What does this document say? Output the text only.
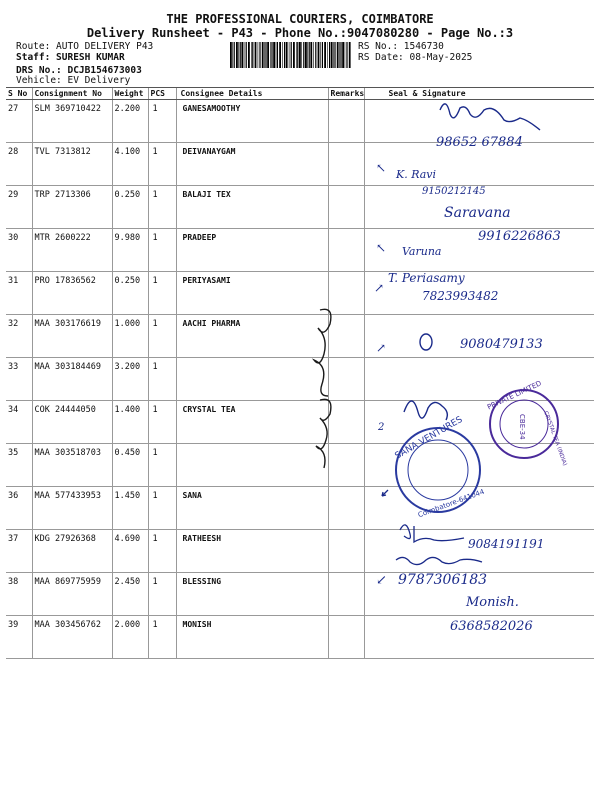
THE PROFESSIONAL COURIERS, COIMBATORE
Delivery Runsheet - P43 - Phone No.:9047080280 - Page No.:3
Route: AUTO DELIVERY P43
Staff: SURESH KUMAR
DRS No.: DCJB154673003
Vehicle: EV Delivery
RS No.: 1546730
RS Date: 08-May-2025
S No	Consignment No	Weight	PCS	Consignee Details	Remarks	Seal & Signature
27	SLM 369710422	2.200	1	GANESAMOOTHY		
28	TVL 7313812	4.100	1	DEIVANAYGAM		
29	TRP 2713306	0.250	1	BALAJI TEX		
30	MTR 2600222	9.980	1	PRADEEP		
31	PRO 17836562	0.250	1	PERIYASAMI		
32	MAA 303176619	1.000	1	AACHI PHARMA		
33	MAA 303184469	3.200	1			
34	COK 24444050	1.400	1	CRYSTAL TEA		
35	MAA 303518703	0.450	1			
36	MAA 577433953	1.450	1	SANA		
37	KDG 27926368	4.690	1	RATHEESH		
38	MAA 869775959	2.450	1	BLESSING		
39	MAA 303456762	2.000	1	MONISH		
98652 67884
↖ K. Ravi
9150212145
Saravana
↖ Varuna
9916226863
↗
T. Periasamy
7823993482
↗	9080479133
2 SANA VENTURES
Coimbatore-641044
PRIVATE LIMITED
CRYSTAL TEA (INDIA)
CBE-34
9084191191
↙ 9787306183
Monish.
6368582026
